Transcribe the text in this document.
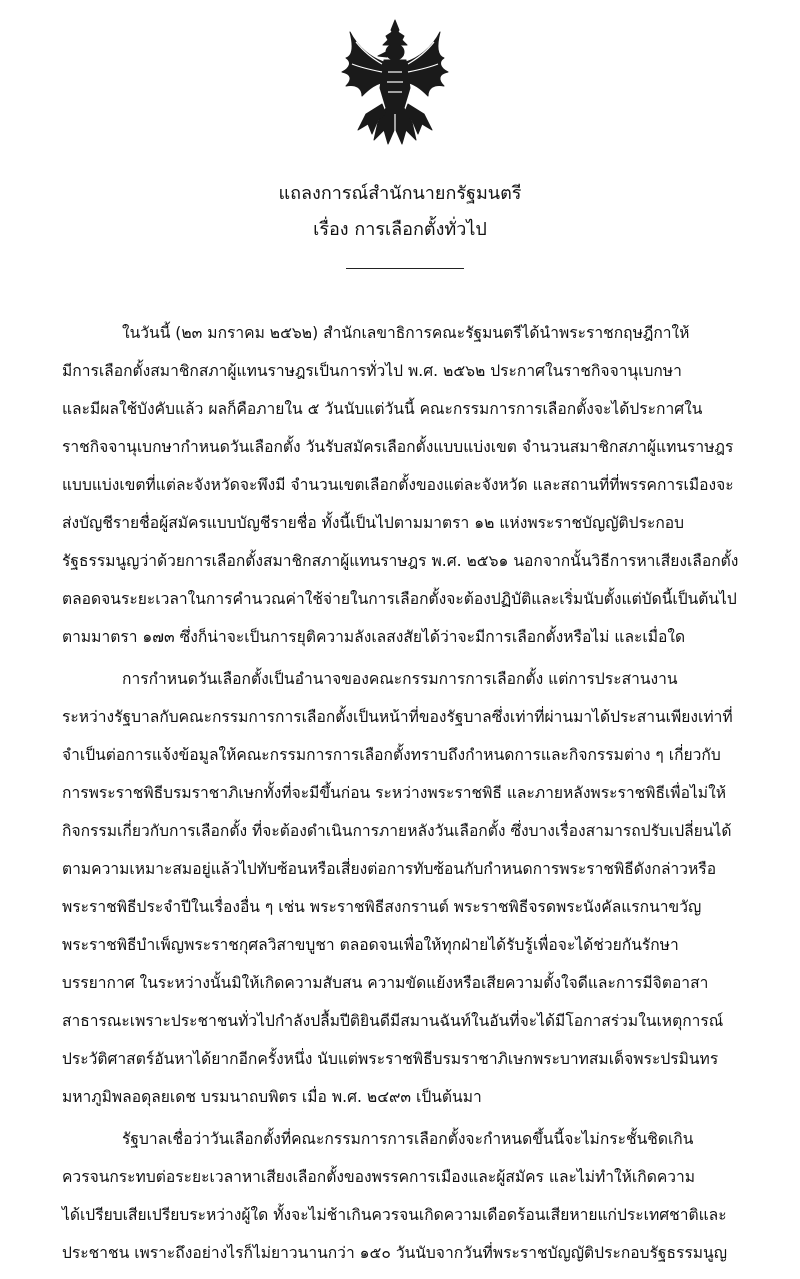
แถลงการณ์สำนักนายกรัฐมนตรี
เรื่อง การเลือกตั้งทั่วไป
ในวันนี้ (๒๓ มกราคม ๒๕๖๒) สำนักเลขาธิการคณะรัฐมนตรีได้นำพระราชกฤษฎีกาให้
มีการเลือกตั้งสมาชิกสภาผู้แทนราษฎรเป็นการทั่วไป พ.ศ. ๒๕๖๒ ประกาศในราชกิจจานุเบกษา
และมีผลใช้บังคับแล้ว ผลก็คือภายใน ๕ วันนับแต่วันนี้ คณะกรรมการการเลือกตั้งจะได้ประกาศใน
ราชกิจจานุเบกษากำหนดวันเลือกตั้ง วันรับสมัครเลือกตั้งแบบแบ่งเขต จำนวนสมาชิกสภาผู้แทนราษฎร
แบบแบ่งเขตที่แต่ละจังหวัดจะพึงมี จำนวนเขตเลือกตั้งของแต่ละจังหวัด และสถานที่ที่พรรคการเมืองจะ
ส่งบัญชีรายชื่อผู้สมัครแบบบัญชีรายชื่อ ทั้งนี้เป็นไปตามมาตรา ๑๒ แห่งพระราชบัญญัติประกอบ
รัฐธรรมนูญว่าด้วยการเลือกตั้งสมาชิกสภาผู้แทนราษฎร พ.ศ. ๒๕๖๑ นอกจากนั้นวิธีการหาเสียงเลือกตั้ง
ตลอดจนระยะเวลาในการคำนวณค่าใช้จ่ายในการเลือกตั้งจะต้องปฏิบัติและเริ่มนับตั้งแต่บัดนี้เป็นต้นไป
ตามมาตรา ๑๗๓ ซึ่งก็น่าจะเป็นการยุติความลังเลสงสัยได้ว่าจะมีการเลือกตั้งหรือไม่ และเมื่อใด
การกำหนดวันเลือกตั้งเป็นอำนาจของคณะกรรมการการเลือกตั้ง แต่การประสานงาน
ระหว่างรัฐบาลกับคณะกรรมการการเลือกตั้งเป็นหน้าที่ของรัฐบาลซึ่งเท่าที่ผ่านมาได้ประสานเพียงเท่าที่
จำเป็นต่อการแจ้งข้อมูลให้คณะกรรมการการเลือกตั้งทราบถึงกำหนดการและกิจกรรมต่าง ๆ เกี่ยวกับ
การพระราชพิธีบรมราชาภิเษกทั้งที่จะมีขึ้นก่อน ระหว่างพระราชพิธี และภายหลังพระราชพิธีเพื่อไม่ให้
กิจกรรมเกี่ยวกับการเลือกตั้ง ที่จะต้องดำเนินการภายหลังวันเลือกตั้ง ซึ่งบางเรื่องสามารถปรับเปลี่ยนได้
ตามความเหมาะสมอยู่แล้วไปทับซ้อนหรือเสี่ยงต่อการทับซ้อนกับกำหนดการพระราชพิธีดังกล่าวหรือ
พระราชพิธีประจำปีในเรื่องอื่น ๆ เช่น พระราชพิธีสงกรานต์ พระราชพิธีจรดพระนังคัลแรกนาขวัญ
พระราชพิธีบำเพ็ญพระราชกุศลวิสาขบูชา ตลอดจนเพื่อให้ทุกฝ่ายได้รับรู้เพื่อจะได้ช่วยกันรักษา
บรรยากาศ ในระหว่างนั้นมิให้เกิดความสับสน ความขัดแย้งหรือเสียความตั้งใจดีและการมีจิตอาสา
สาธารณะเพราะประชาชนทั่วไปกำลังปลื้มปีติยินดีมีสมานฉันท์ในอันที่จะได้มีโอกาสร่วมในเหตุการณ์
ประวัติศาสตร์อันหาได้ยากอีกครั้งหนึ่ง นับแต่พระราชพิธีบรมราชาภิเษกพระบาทสมเด็จพระปรมินทร
มหาภูมิพลอดุลยเดช บรมนาถบพิตร เมื่อ พ.ศ. ๒๔๙๓ เป็นต้นมา
รัฐบาลเชื่อว่าวันเลือกตั้งที่คณะกรรมการการเลือกตั้งจะกำหนดขึ้นนี้จะไม่กระชั้นชิดเกิน
ควรจนกระทบต่อระยะเวลาหาเสียงเลือกตั้งของพรรคการเมืองและผู้สมัคร และไม่ทำให้เกิดความ
ได้เปรียบเสียเปรียบระหว่างผู้ใด ทั้งจะไม่ช้าเกินควรจนเกิดความเดือดร้อนเสียหายแก่ประเทศชาติและ
ประชาชน เพราะถึงอย่างไรก็ไม่ยาวนานกว่า ๑๕๐ วันนับจากวันที่พระราชบัญญัติประกอบรัฐธรรมนูญ
